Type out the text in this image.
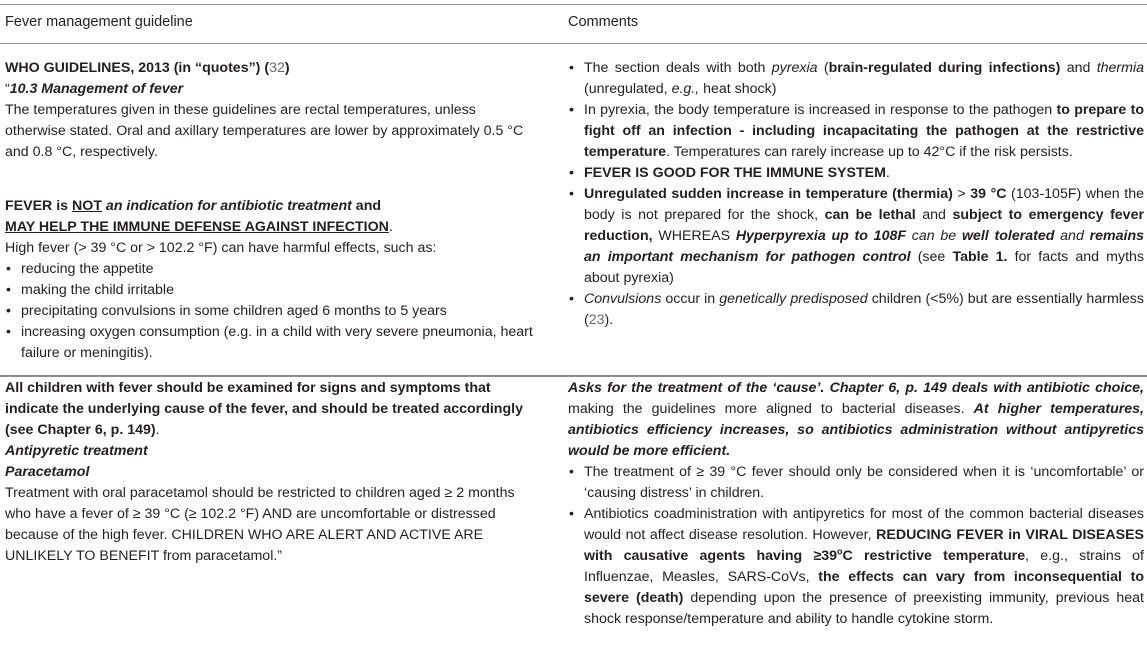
Fever management guideline	Comments

WHO GUIDELINES, 2013 (in “quotes”) (32)

“10.3 Management of fever

The temperatures given in these guidelines are rectal temperatures, unless otherwise stated. Oral and axillary temperatures are lower by approximately 0.5 °C and 0.8 °C, respectively.

FEVER is NOT an indication for antibiotic treatment and
MAY HELP THE IMMUNE DEFENSE AGAINST INFECTION.

High fever (> 39 °C or > 102.2 °F) can have harmful effects, such as:

• reducing the appetite
• making the child irritable
• precipitating convulsions in some children aged 6 months to 5 years
• increasing oxygen consumption (e.g. in a child with very severe pneumonia, heart failure or meningitis).
• The section deals with both pyrexia (brain-regulated during infections) and thermia (unregulated, e.g., heat shock)
• In pyrexia, the body temperature is increased in response to the pathogen to prepare to fight off an infection - including incapacitating the pathogen at the restrictive temperature. Temperatures can rarely increase up to 42°C if the risk persists.
• FEVER IS GOOD FOR THE IMMUNE SYSTEM.
• Unregulated sudden increase in temperature (thermia) > 39 °C (103-105F) when the body is not prepared for the shock, can be lethal and subject to emergency fever reduction, WHEREAS Hyperpyrexia up to 108F can be well tolerated and remains an important mechanism for pathogen control (see Table 1. for facts and myths about pyrexia)
• Convulsions occur in genetically predisposed children (<5%) but are essentially harmless (23).

All children with fever should be examined for signs and symptoms that indicate the underlying cause of the fever, and should be treated accordingly (see Chapter 6, p. 149).

Antipyretic treatment

Paracetamol

Treatment with oral paracetamol should be restricted to children aged ≥ 2 months who have a fever of ≥ 39 °C (≥ 102.2 °F) AND are uncomfortable or distressed because of the high fever. CHILDREN WHO ARE ALERT AND ACTIVE ARE UNLIKELY TO BENEFIT from paracetamol.”

Asks for the treatment of the ‘cause’. Chapter 6, p. 149 deals with antibiotic choice, making the guidelines more aligned to bacterial diseases. At higher temperatures, antibiotics efficiency increases, so antibiotics administration without antipyretics would be more efficient.

• The treatment of ≥ 39 °C fever should only be considered when it is ‘uncomfortable’ or ‘causing distress’ in children.
• Antibiotics coadministration with antipyretics for most of the common bacterial diseases would not affect disease resolution. However, REDUCING FEVER in VIRAL DISEASES with causative agents having $\ge 39^oC$ restrictive temperature, e.g., strains of Influenzae, Measles, SARS-CoVs, the effects can vary from inconsequential to severe (death) depending upon the presence of preexisting immunity, previous heat shock response/temperature and ability to handle cytokine storm.
